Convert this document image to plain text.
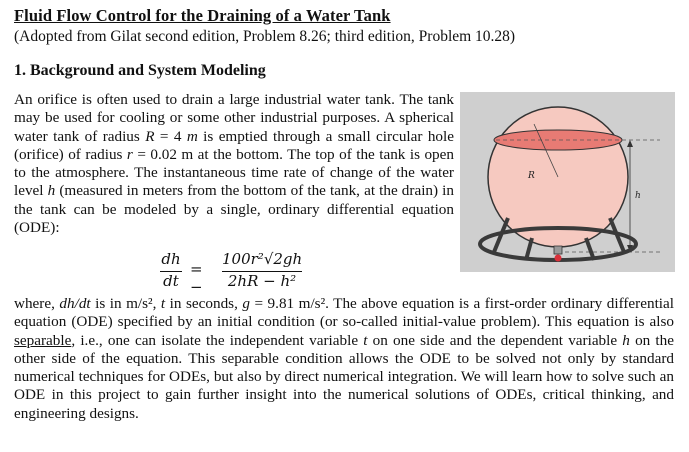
Fluid Flow Control for the Draining of a Water Tank
(Adopted from Gilat second edition, Problem 8.26; third edition, Problem 10.28)
1. Background and System Modeling
An orifice is often used to drain a large industrial water tank. The tank may be used for cooling or some other industrial purposes. A spherical water tank of radius R = 4 m is emptied through a small circular hole (orifice) of radius r = 0.02 m at the bottom. The top of the tank is open to the atmosphere. The instantaneous time rate of change of the water level h (measured in meters from the bottom of the tank, at the drain) in the tank can be modeled by a single, ordinary differential equation (ODE):
dh
dt
= −
100r²√2gh
2hR − h²
where, dh/dt is in m/s², t in seconds, g = 9.81 m/s². The above equation is a first-order ordinary differential equation (ODE) specified by an initial condition (or so-called initial-value problem). This equation is also separable, i.e., one can isolate the independent variable t on one side and the dependent variable h on the other side of the equation. This separable condition allows the ODE to be solved not only by standard numerical techniques for ODEs, but also by direct numerical integration. We will learn how to solve such an ODE in this project to gain further insight into the numerical solutions of ODEs, critical thinking, and engineering designs.
R
h
